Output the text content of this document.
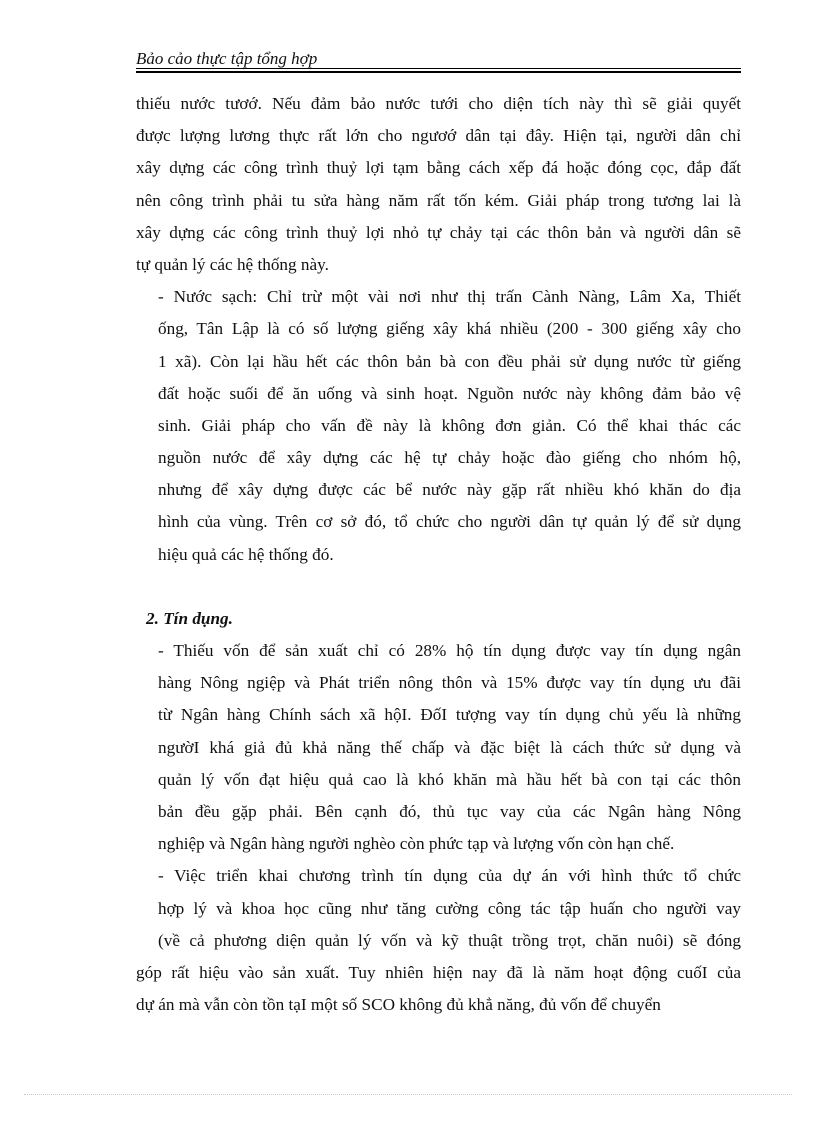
Bảo cảo thực tập tổng hợp
thiếu nước tươớ. Nếu đảm bảo nước tưới cho diện tích này thì sẽ giải quyết
được lượng lương thực rất lớn cho ngươớ dân tại đây. Hiện tại, người dân chỉ
xây dựng các công trình thuỷ lợi tạm bằng cách xếp đá hoặc đóng cọc, đắp đất
nên công trình phải tu sửa hàng năm rất tốn kém. Giải pháp trong tương lai là
xây dựng các công trình thuỷ lợi nhỏ tự chảy tại các thôn bản và người dân sẽ
tự quản lý các hệ thống này.
- Nước sạch: Chỉ trừ một vài nơi như thị trấn Cành Nàng, Lâm Xa, Thiết
ống, Tân Lập là có số lượng giếng xây khá nhiều (200 - 300 giếng xây cho
1 xã). Còn lại hầu hết các thôn bản bà con đều phải sử dụng nước từ giếng
đất hoặc suối để ăn uống và sinh hoạt. Nguồn nước này không đảm bảo vệ
sinh. Giải pháp cho vấn đề này là không đơn giản. Có thể khai thác các
nguồn nước để xây dựng các hệ tự chảy hoặc đào giếng cho nhóm hộ,
nhưng để xây dựng được các bể nước này gặp rất nhiều khó khăn do địa
hình của vùng. Trên cơ sở đó, tổ chức cho người dân tự quản lý để sử dụng
hiệu quả các hệ thống đó.
2. Tín dụng.
- Thiếu vốn để sản xuất chỉ có 28% hộ tín dụng được vay tín dụng ngân
hàng Nông ngiệp và Phát triển nông thôn và 15% được vay tín dụng ưu đãi
từ Ngân hàng Chính sách xã hộI. ĐốI tượng vay tín dụng chủ yếu là những
ngườI khá giả đủ khả năng thế chấp và đặc biệt là cách thức sử dụng và
quản lý vốn đạt hiệu quả cao là khó khăn mà hầu hết bà con tại các thôn
bản đều gặp phải. Bên cạnh đó, thủ tục vay của các Ngân hàng Nông
nghiệp và Ngân hàng người nghèo còn phức tạp và lượng vốn còn hạn chế.
- Việc triển khai chương trình tín dụng của dự án với hình thức tổ chức
hợp lý và khoa học cũng như tăng cường công tác tập huấn cho người vay
(về cả phương diện quản lý vốn và kỹ thuật trồng trọt, chăn nuôi) sẽ đóng
góp rất hiệu vào sản xuất. Tuy nhiên hiện nay đã là năm hoạt động cuốI của
dự án mà vẫn còn tồn tạI một số SCO không đủ khẳ năng, đủ vốn để chuyển
